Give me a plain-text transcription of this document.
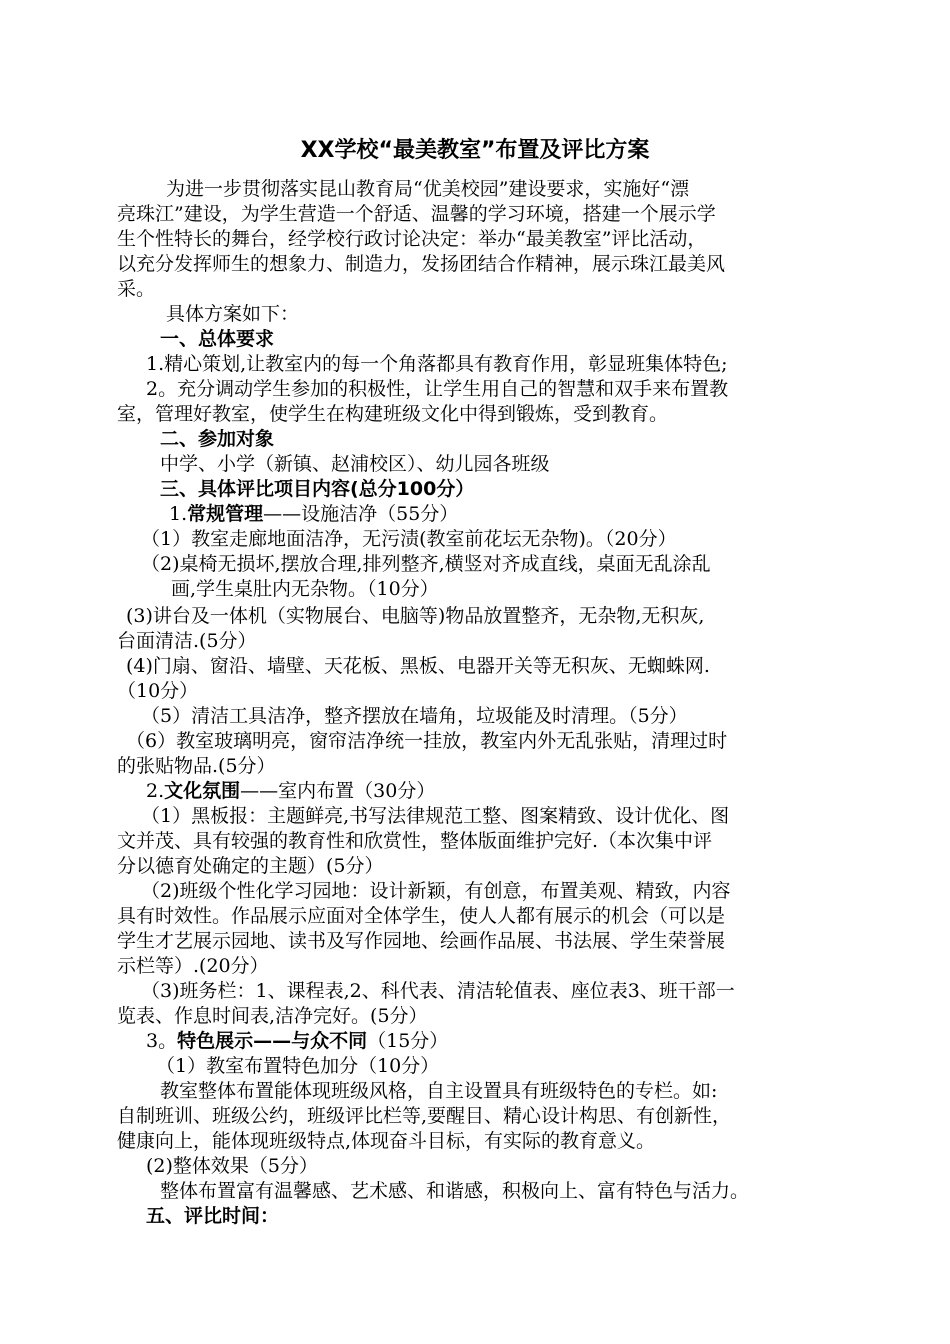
XX学校“最美教室”布置及评比方案
为进一步贯彻落实昆山教育局“优美校园”建设要求，实施好“漂
亮珠江”建设，为学生营造一个舒适、温馨的学习环境，搭建一个展示学
生个性特长的舞台，经学校行政讨论决定：举办“最美教室”评比活动，
以充分发挥师生的想象力、制造力，发扬团结合作精神，展示珠江最美风
采。
具体方案如下：
一、总体要求
1.精心策划,让教室内的每一个角落都具有教育作用，彰显班集体特色;
2。充分调动学生参加的积极性，让学生用自己的智慧和双手来布置教
室，管理好教室，使学生在构建班级文化中得到锻炼，受到教育。
二、参加对象
中学、小学（新镇、赵浦校区）、幼儿园各班级
三、具体评比项目内容(总分100分）
1.常规管理——设施洁净（55分）
（1）教室走廊地面洁净，无污渍(教室前花坛无杂物)。（20分）
（2)桌椅无损坏,摆放合理,排列整齐,横竖对齐成直线，桌面无乱涂乱
画,学生桌肚内无杂物。（10分）
(3)讲台及一体机（实物展台、电脑等)物品放置整齐，无杂物,无积灰,
台面清洁.(5分）
(4)门扇、窗沿、墙壁、天花板、黑板、电器开关等无积灰、无蜘蛛网.
（10分）
（5）清洁工具洁净，整齐摆放在墙角，垃圾能及时清理。（5分）
（6）教室玻璃明亮，窗帘洁净统一挂放，教室内外无乱张贴，清理过时
的张贴物品.(5分）
2.文化氛围——室内布置（30分）
（1）黑板报：主题鲜亮,书写法律规范工整、图案精致、设计优化、图
文并茂、具有较强的教育性和欣赏性，整体版面维护完好.（本次集中评
分以德育处确定的主题）(5分）
（2)班级个性化学习园地：设计新颖，有创意，布置美观、精致，内容
具有时效性。作品展示应面对全体学生，使人人都有展示的机会（可以是
学生才艺展示园地、读书及写作园地、绘画作品展、书法展、学生荣誉展
示栏等）.(20分）
（3)班务栏：1、课程表,2、科代表、清洁轮值表、座位表3、班干部一
览表、作息时间表,洁净完好。(5分）
3。特色展示——与众不同（15分）
（1）教室布置特色加分（10分）
教室整体布置能体现班级风格，自主设置具有班级特色的专栏。如:
自制班训、班级公约，班级评比栏等,要醒目、精心设计构思、有创新性，
健康向上，能体现班级特点,体现奋斗目标，有实际的教育意义。
(2)整体效果（5分）
整体布置富有温馨感、艺术感、和谐感，积极向上、富有特色与活力。
五、评比时间：
